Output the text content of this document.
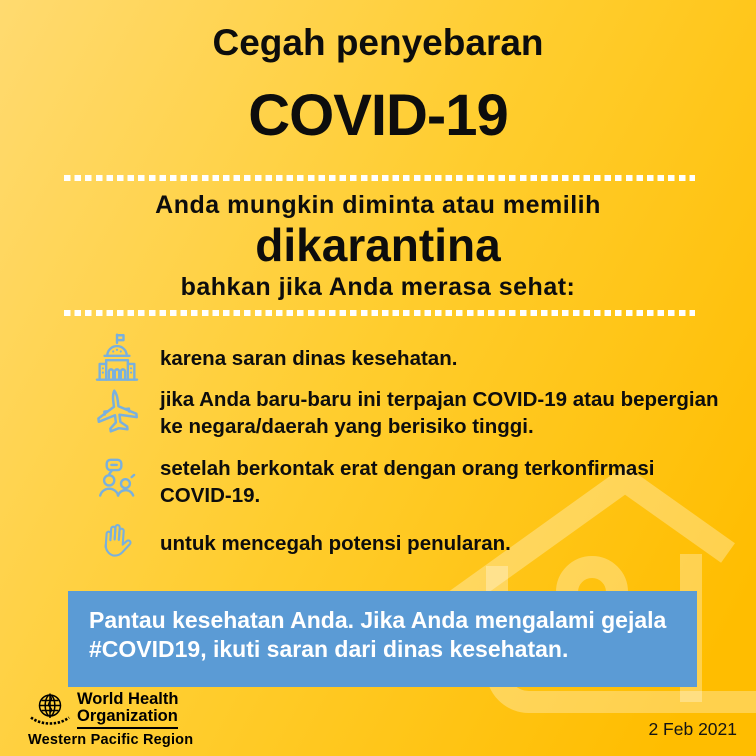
Cegah penyebaran
COVID-19
Anda mungkin diminta atau memilih
dikarantina
bahkan jika Anda merasa sehat:
karena saran dinas kesehatan.
jika Anda baru-baru ini terpajan COVID-19 atau bepergian
ke negara/daerah yang berisiko tinggi.
setelah berkontak erat dengan orang terkonfirmasi
COVID-19.
untuk mencegah potensi penularan.
Pantau kesehatan Anda. Jika Anda mengalami gejala
#COVID19, ikuti saran dari dinas kesehatan.
World Health
Organization
Western Pacific Region
2 Feb 2021
